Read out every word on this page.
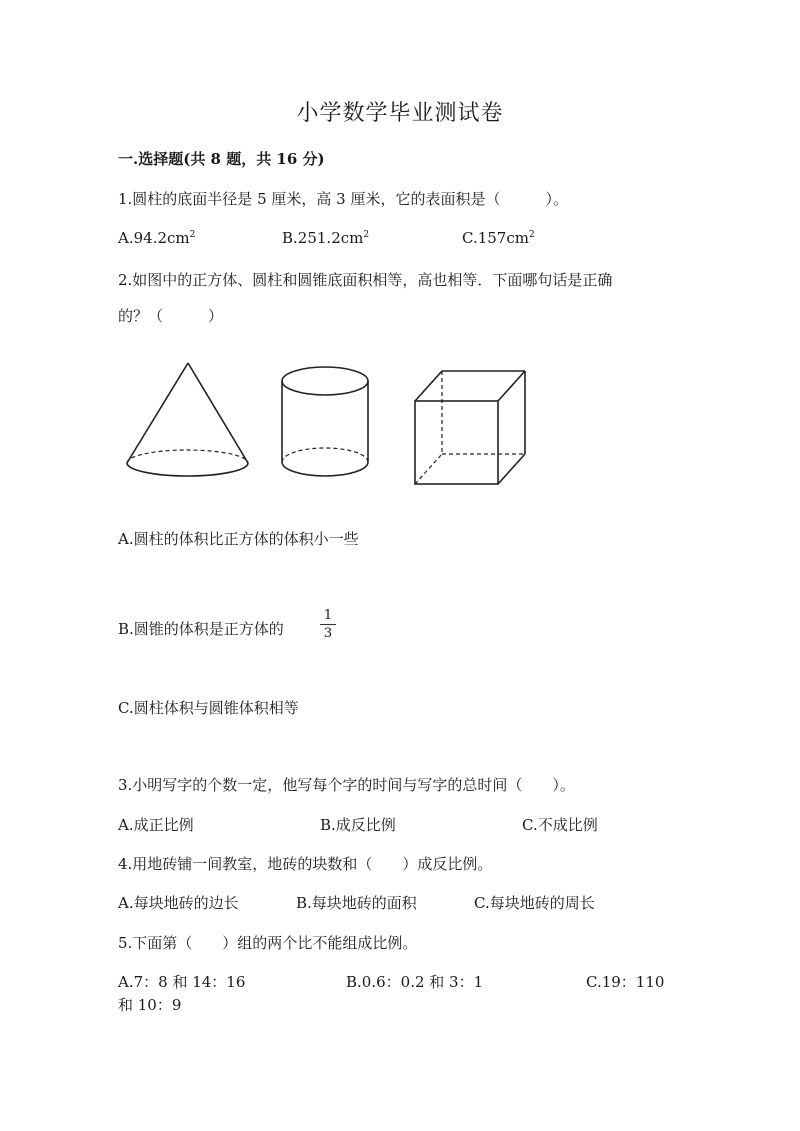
小学数学毕业测试卷
一.选择题(共 8 题，共 16 分)
1.圆柱的底面半径是 5 厘米，高 3 厘米，它的表面积是（　　　）。
$A.94.2cm^2$	$B.251.2cm^2$	$C.157cm^2$
2.如图中的正方体、圆柱和圆锥底面积相等，高也相等．下面哪句话是正确
的？（　　　）
A.圆柱的体积比正方体的体积小一些
B.圆锥的体积是正方体的
1
3
C.圆柱体积与圆锥体积相等
3.小明写字的个数一定，他写每个字的时间与写字的总时间（　　）。
A.成正比例	B.成反比例	C.不成比例
4.用地砖铺一间教室，地砖的块数和（　　）成反比例。
A.每块地砖的边长	B.每块地砖的面积	C.每块地砖的周长
5.下面第（　　）组的两个比不能组成比例。
A.7：8 和 14：16	B.0.6：0.2 和 3：1	C.19：110
和 10：9
